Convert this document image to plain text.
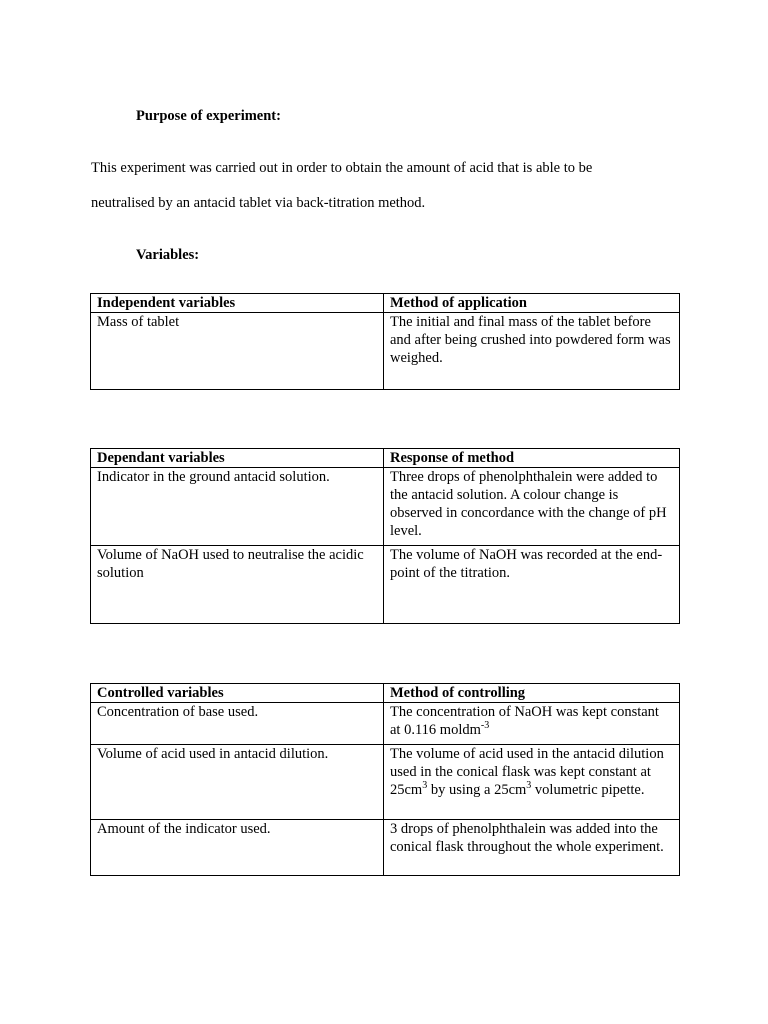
Purpose of experiment:

This experiment was carried out in order to obtain the amount of acid that is able to be

neutralised by an antacid tablet via back-titration method.

Variables:

Independent variables	Method of application
Mass of tablet	The initial and final mass of the tablet before and after being crushed into powdered form was weighed.
Dependant variables	Response of method
Indicator in the ground antacid solution.	Three drops of phenolphthalein were added to the antacid solution. A colour change is observed in concordance with the change of pH level.
Volume of NaOH used to neutralise the acidic solution	The volume of NaOH was recorded at the end-point of the titration.
Controlled variables	Method of controlling
Concentration of base used.	The concentration of NaOH was kept constant at 0.116 moldm$^{-3}$
Volume of acid used in antacid dilution.	The volume of acid used in the antacid dilution used in the conical flask was kept constant at $25cm^3$ by using a $25cm^3$ volumetric pipette.
Amount of the indicator used.	3 drops of phenolphthalein was added into the conical flask throughout the whole experiment.
